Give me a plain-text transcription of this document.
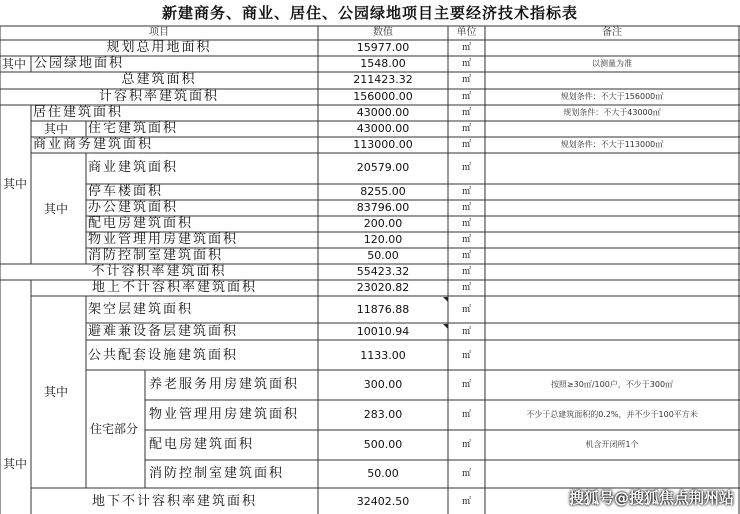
新建商务、商业、居住、公园绿地项目主要经济技术指标表
项目	数值	单位	备注
规划总用地面积	15977.00	㎡
其中 公园绿地面积	1548.00	㎡	以测量为准
总建筑面积	211423.32	㎡
计容积率建筑面积	156000.00	㎡	规划条件：不大于156000㎡
其中
居住建筑面积	43000.00	㎡	规划条件：不大于43000㎡
其中 住宅建筑面积	43000.00	㎡
商业商务建筑面积	113000.00	㎡	规划条件：不大于113000㎡
其中
商业建筑面积	20579.00	㎡
停车楼面积	8255.00	㎡
办公建筑面积	83796.00	㎡
配电房建筑面积	200.00	㎡
物业管理用房建筑面积	120.00	㎡
消防控制室建筑面积	50.00	㎡
不计容积率建筑面积	55423.32	㎡
其中
地上不计容积率建筑面积	23020.82	㎡
其中
架空层建筑面积	11876.88	㎡
避难兼设备层建筑面积	10010.94	㎡
公共配套设施建筑面积	1133.00	㎡
住宅部分
养老服务用房建筑面积	300.00	㎡	按照≥30㎡/100户，不少于300㎡
物业管理用房建筑面积	283.00	㎡	不少于总建筑面积的0.2%，并不少于100平方米
配电房建筑面积	500.00	㎡	机含开闭所1个
消防控制室建筑面积	50.00	㎡
地下不计容积率建筑面积	32402.50	㎡	搜狐号@搜狐焦点荆州站
